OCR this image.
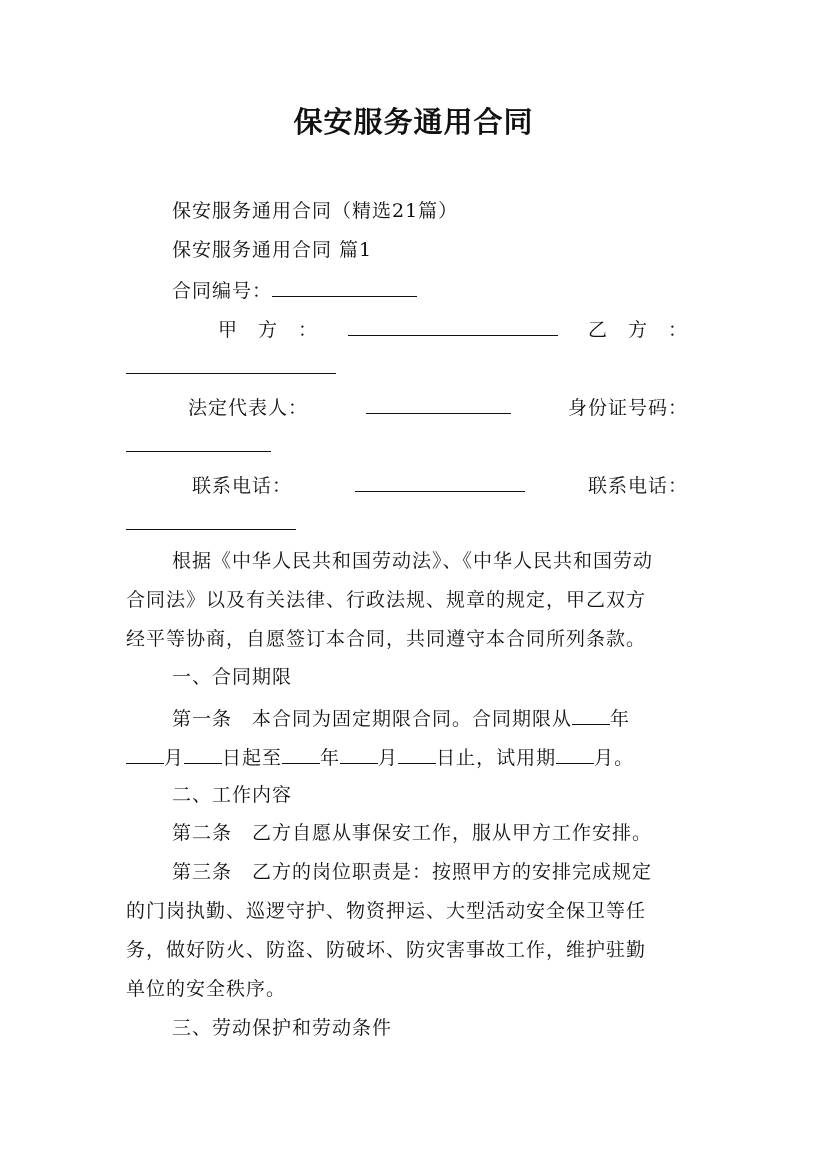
保安服务通用合同
保安服务通用合同（精选21篇）
保安服务通用合同 篇1
合同编号：
甲　方　：	乙　方　：
法定代表人：	身份证号码：
联系电话：	联系电话：
根据《中华人民共和国劳动法》、《中华人民共和国劳动
合同法》以及有关法律、行政法规、规章的规定，甲乙双方
经平等协商，自愿签订本合同，共同遵守本合同所列条款。
一、合同期限
第一条　本合同为固定期限合同。合同期限从 年
月 日起至 年 月 日止，试用期 月。
二、工作内容
第二条　乙方自愿从事保安工作，服从甲方工作安排。
第三条　乙方的岗位职责是：按照甲方的安排完成规定
的门岗执勤、巡逻守护、物资押运、大型活动安全保卫等任
务，做好防火、防盗、防破坏、防灾害事故工作，维护驻勤
单位的安全秩序。
三、劳动保护和劳动条件
